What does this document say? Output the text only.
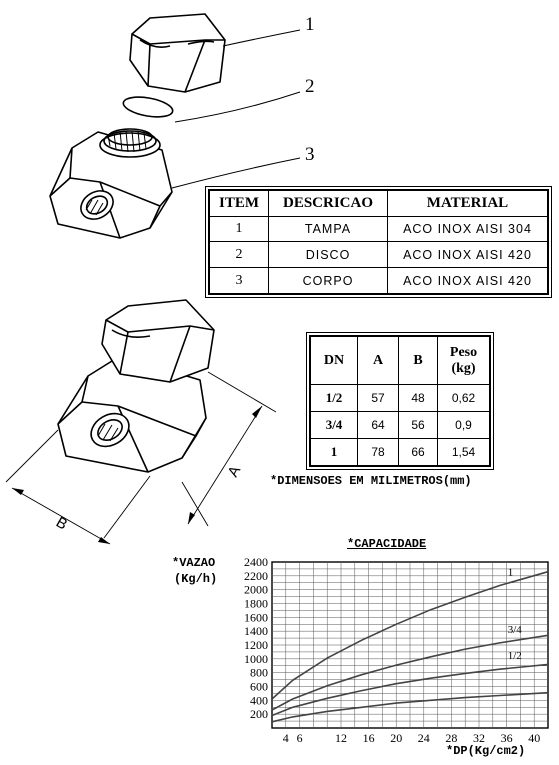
A
B
200
400
600
800
1000
1200
1400
1600
1800
2000
2200
2400
4 6	12 16 20 24 28 32 36 40
1
3/4
1/2
1
2
3
ITEM	DESCRICAO	MATERIAL
1	TAMPA	ACO INOX AISI 304
2	DISCO	ACO INOX AISI 420
3	CORPO	ACO INOX AISI 420
DN	A	B	Peso
(kg)
1/2	57	48	0,62
3/4	64	56	0,9
1	78	66	1,54
*DIMENSOES EM MILIMETROS(mm)
*CAPACIDADE
*VAZAO
(Kg/h)
*DP(Kg/cm2)
